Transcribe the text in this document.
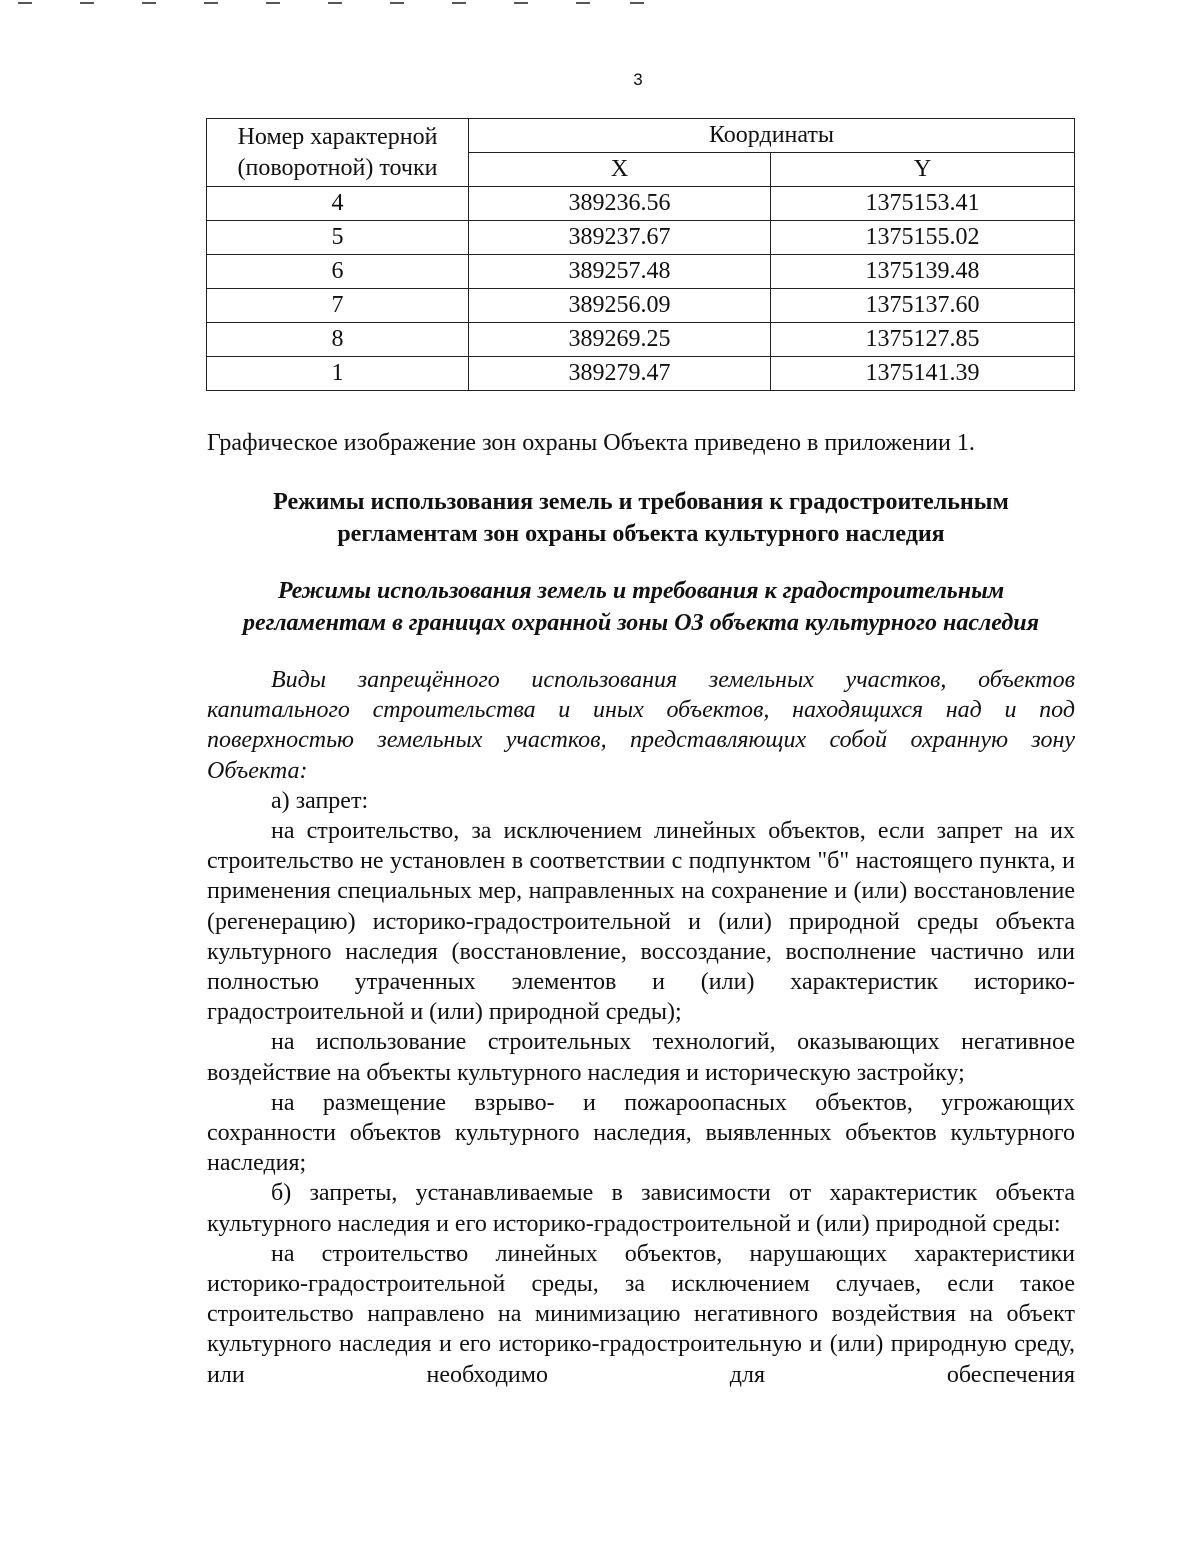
3
Номер характерной (поворотной) точки	Координаты	
	X	Y
4	389236.56	1375153.41
5	389237.67	1375155.02
6	389257.48	1375139.48
7	389256.09	1375137.60
8	389269.25	1375127.85
1	389279.47	1375141.39
Графическое изображение зон охраны Объекта приведено в приложении 1.
Режимы использования земель и требования к градостроительным
регламентам зон охраны объекта культурного наследия
Режимы использования земель и требования к градостроительным
регламентам в границах охранной зоны ОЗ объекта культурного наследия

Виды запрещённого использования земельных участков, объектов капитального строительства и иных объектов, находящихся над и под поверхностью земельных участков, представляющих собой охранную зону Объекта:

а) запрет:

на строительство, за исключением линейных объектов, если запрет на их строительство не установлен в соответствии с подпунктом "б" настоящего пункта, и применения специальных мер, направленных на сохранение и (или) восстановление (регенерацию) историко-градостроительной и (или) природной среды объекта культурного наследия (восстановление, воссоздание, восполнение частично или полностью утраченных элементов и (или) характеристик историко-градостроительной и (или) природной среды);

на использование строительных технологий, оказывающих негативное воздействие на объекты культурного наследия и историческую застройку;

на размещение взрыво- и пожароопасных объектов, угрожающих сохранности объектов культурного наследия, выявленных объектов культурного наследия;

б) запреты, устанавливаемые в зависимости от характеристик объекта культурного наследия и его историко-градостроительной и (или) природной среды:

на строительство линейных объектов, нарушающих характеристики историко-градостроительной среды, за исключением случаев, если такое строительство направлено на минимизацию негативного воздействия на объект культурного наследия и его историко-градостроительную и (или) природную среду, или необходимо для обеспечения
